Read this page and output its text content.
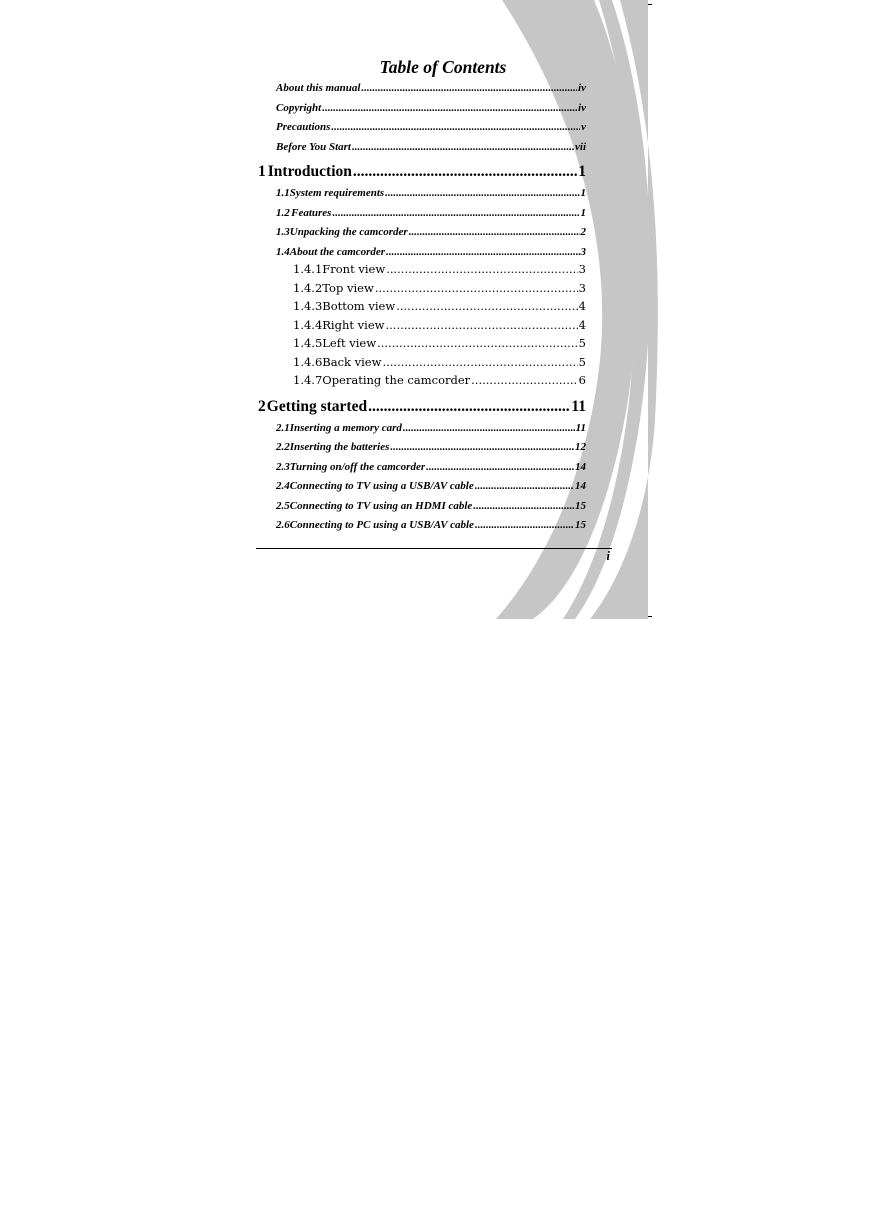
Table of Contents
About this manual .....	iv
Copyright .....	iv
Precautions .....	v
Before You Start .....	vii
1 Introduction .....	1
1.1 System requirements .....	1
1.2 Features .....	1
1.3 Unpacking the camcorder .....	2
1.4 About the camcorder .....	3
1.4.1 Front view .....	3
1.4.2 Top view .....	3
1.4.3 Bottom view .....	4
1.4.4 Right view .....	4
1.4.5 Left view .....	5
1.4.6 Back view .....	5
1.4.7 Operating the camcorder .....	6
2 Getting started .....	11
2.1 Inserting a memory card .....	11
2.2 Inserting the batteries .....	12
2.3 Turning on/off the camcorder .....	14
2.4 Connecting to TV using a USB/AV cable .....	14
2.5 Connecting to TV using an HDMI cable .....	15
2.6 Connecting to PC using a USB/AV cable .....	15
i
